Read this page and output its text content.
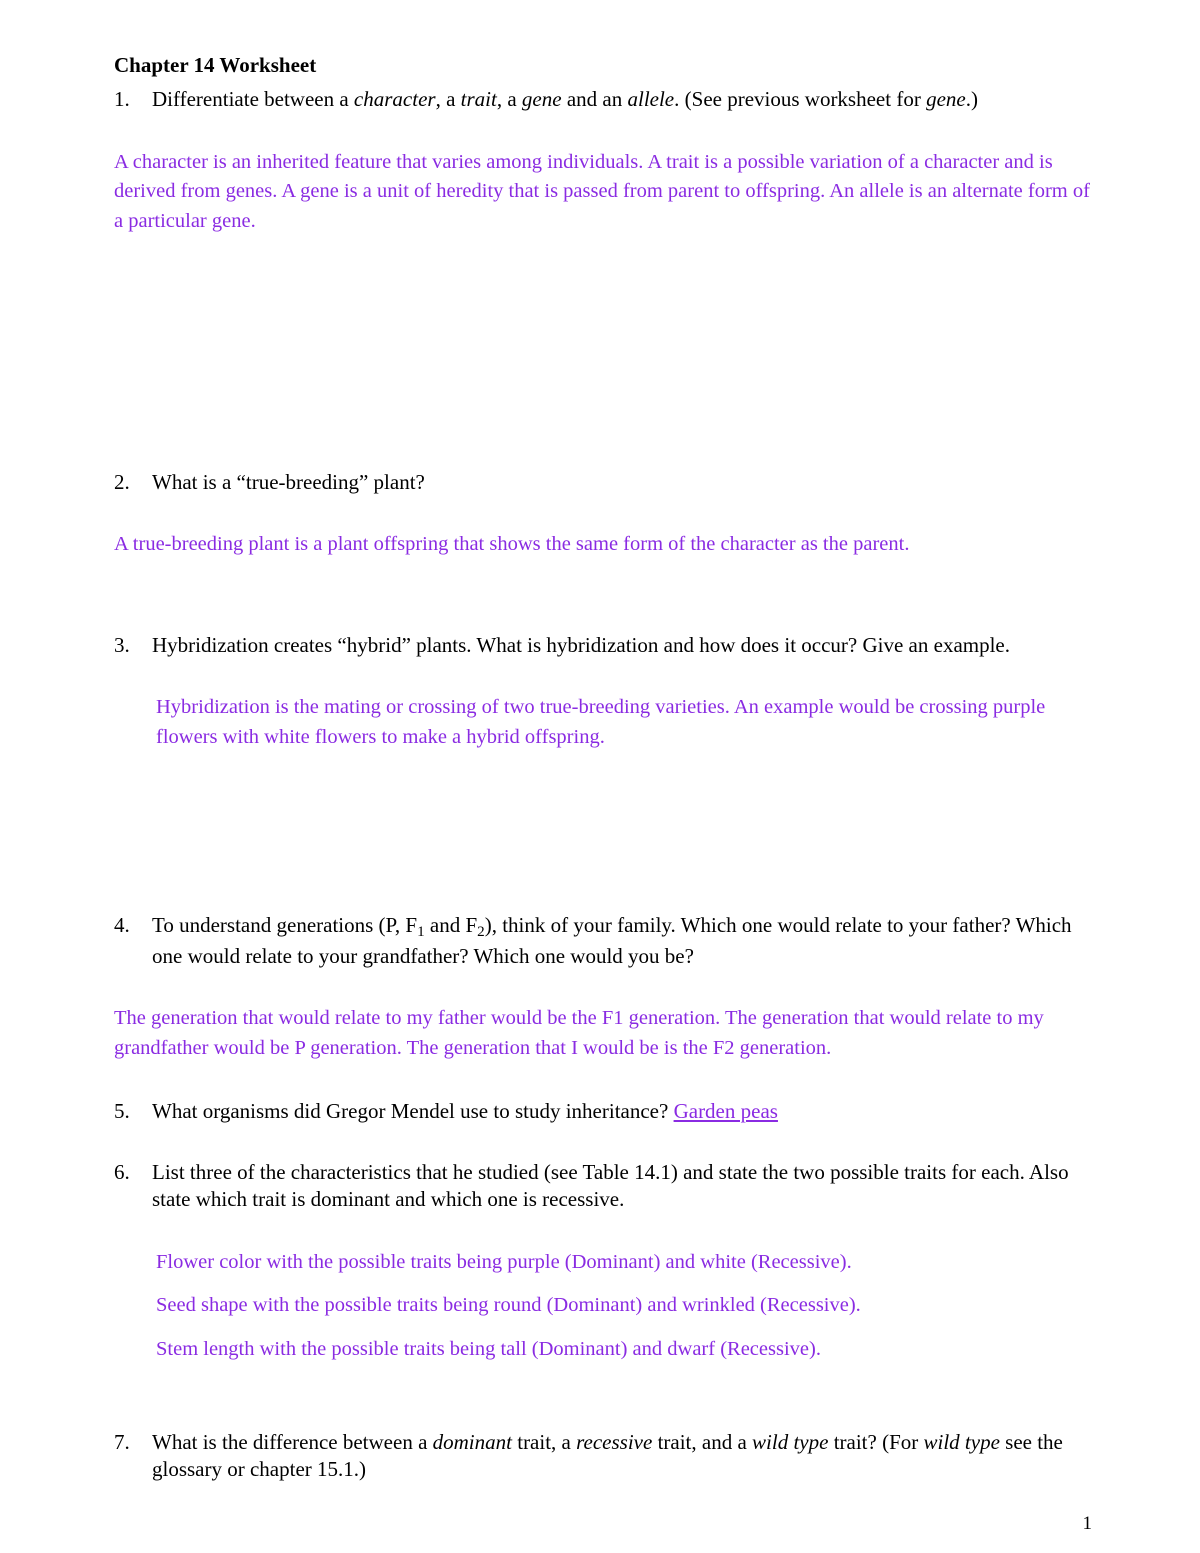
Chapter 14 Worksheet
1.	Differentiate between a character, a trait, a gene and an allele. (See previous worksheet for gene.)
A character is an inherited feature that varies among individuals. A trait is a possible variation of a character and is derived from genes. A gene is a unit of heredity that is passed from parent to offspring. An allele is an alternate form of a particular gene.
2.	What is a “true-breeding” plant?
A true-breeding plant is a plant offspring that shows the same form of the character as the parent.
3.	Hybridization creates “hybrid” plants. What is hybridization and how does it occur? Give an example.
Hybridization is the mating or crossing of two true-breeding varieties. An example would be crossing purple flowers with white flowers to make a hybrid offspring.
4.	To understand generations (P, $F_1$ and $F_2$), think of your family. Which one would relate to your father? Which one would relate to your grandfather? Which one would you be?
The generation that would relate to my father would be the F1 generation. The generation that would relate to my grandfather would be P generation. The generation that I would be is the F2 generation.
5.	What organisms did Gregor Mendel use to study inheritance? Garden peas
6.	List three of the characteristics that he studied (see Table 14.1) and state the two possible traits for each. Also state which trait is dominant and which one is recessive.

Flower color with the possible traits being purple (Dominant) and white (Recessive).

Seed shape with the possible traits being round (Dominant) and wrinkled (Recessive).

Stem length with the possible traits being tall (Dominant) and dwarf (Recessive).

7.	What is the difference between a dominant trait, a recessive trait, and a wild type trait? (For wild type see the glossary or chapter 15.1.)
1
